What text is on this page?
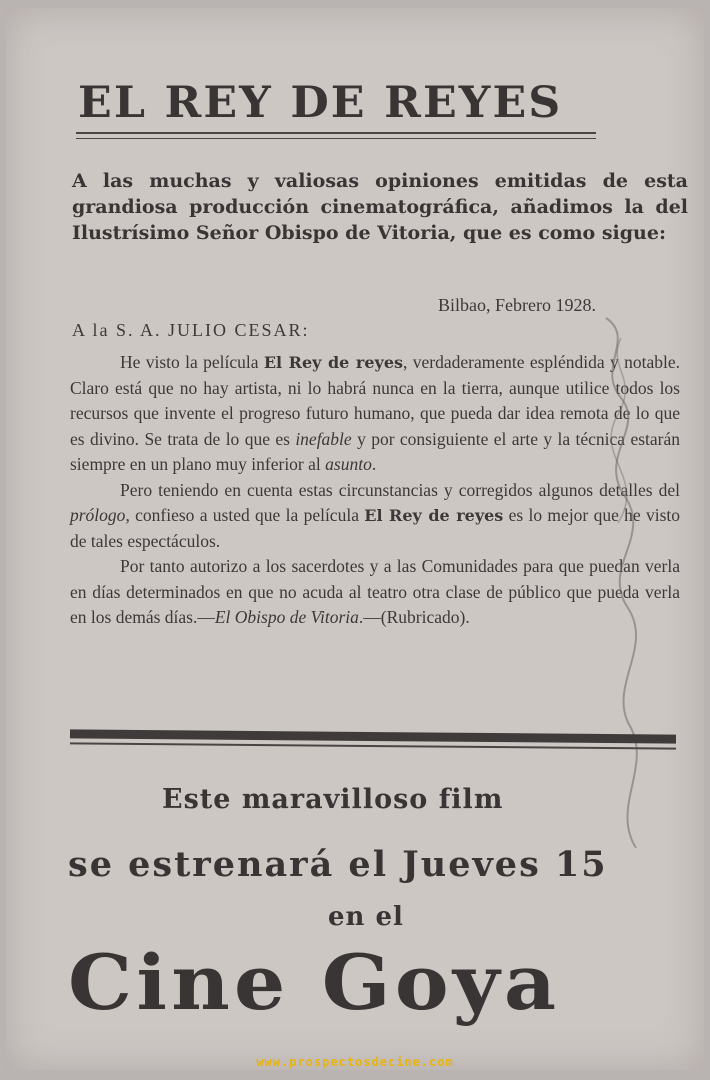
EL REY DE REYES

A las muchas y valiosas opiniones emitidas de esta grandiosa producción cinematográfica, añadimos la del Ilustrísimo Señor Obispo de Vitoria, que es como sigue:

Bilbao, Febrero 1928.

A la S. A. JULIO CESAR:

He visto la película El Rey de reyes, verdaderamente espléndida y notable. Claro está que no hay artista, ni lo habrá nunca en la tierra, aunque utilice todos los recursos que invente el progreso futuro humano, que pueda dar idea remota de lo que es divino. Se trata de lo que es inefable y por consiguiente el arte y la técnica estarán siempre en un plano muy inferior al asunto.

Pero teniendo en cuenta estas circunstancias y corregidos algunos detalles del prólogo, confieso a usted que la película El Rey de reyes es lo mejor que he visto de tales espectáculos.

Por tanto autorizo a los sacerdotes y a las Comunidades para que puedan verla en días determinados en que no acuda al teatro otra clase de público que pueda verla en los demás días.—El Obispo de Vitoria.—(Rubricado).

Este maravilloso film

se estrenará el Jueves 15

en el

Cine Goya

www.prospectosdecine.com
